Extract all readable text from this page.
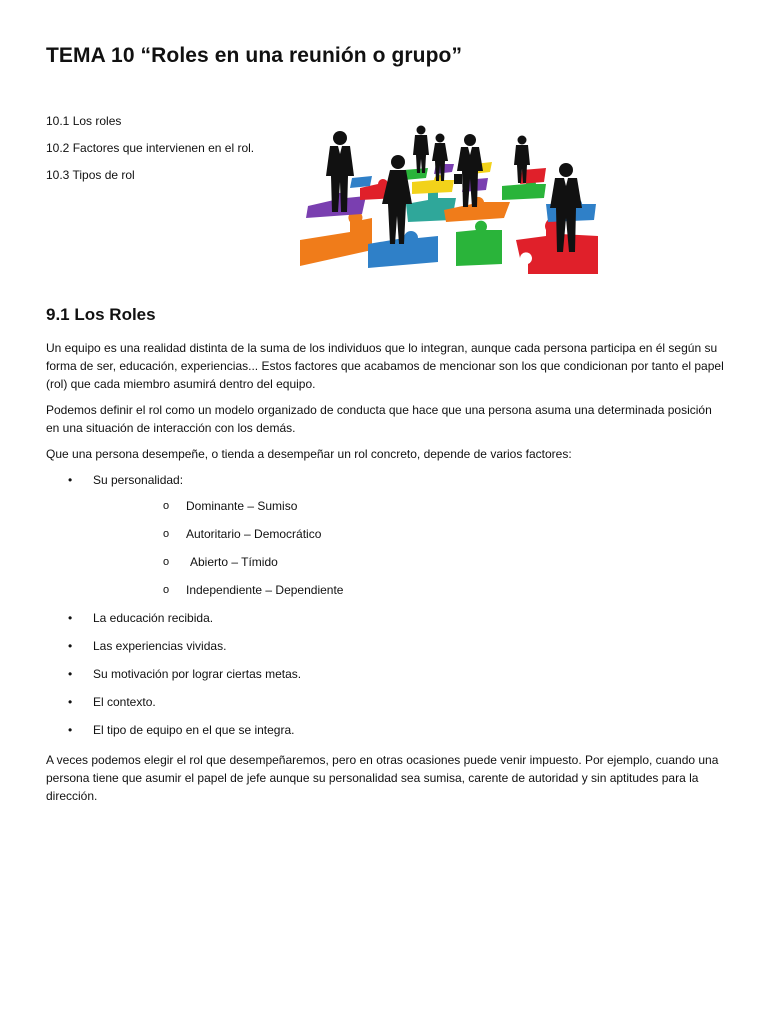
TEMA 10 “Roles en una reunión o grupo”
10.1 Los roles
10.2 Factores que intervienen en el rol.
10.3 Tipos de rol
9.1 Los Roles

Un equipo es una realidad distinta de la suma de los individuos que lo integran, aunque cada persona participa en él según su forma de ser, educación, experiencias... Estos factores que acabamos de mencionar son los que condicionan por tanto el papel (rol) que cada miembro asumirá dentro del equipo.

Podemos definir el rol como un modelo organizado de conducta que hace que una persona asuma una determinada posición en una situación de interacción con los demás.

Que una persona desempeñe, o tienda a desempeñar un rol concreto, depende de varios factores:

• Su personalidad:
o Dominante – Sumiso
o Autoritario – Democrático
o Abierto – Tímido
o Independiente – Dependiente
• La educación recibida.
• Las experiencias vividas.
• Su motivación por lograr ciertas metas.
• El contexto.
• El tipo de equipo en el que se integra.

A veces podemos elegir el rol que desempeñaremos, pero en otras ocasiones puede venir impuesto. Por ejemplo, cuando una persona tiene que asumir el papel de jefe aunque su personalidad sea sumisa, carente de autoridad y sin aptitudes para la dirección.
